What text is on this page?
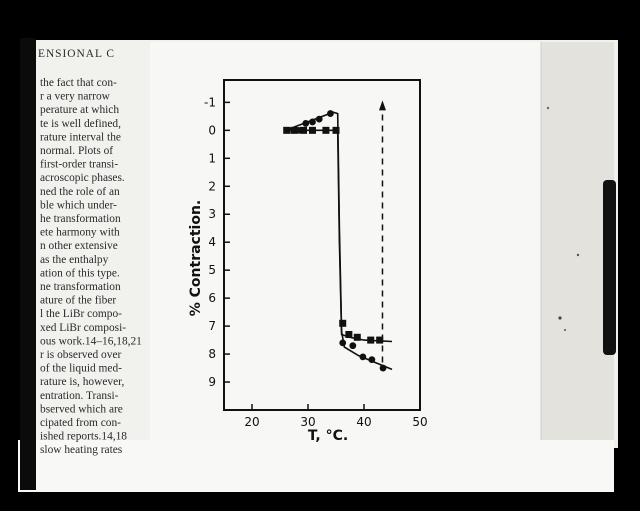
ENSIONAL C
the fact that con-
r a very narrow
perature at which
te is well defined,
rature interval the
normal. Plots of
first-order transi-
acroscopic phases.
ned the role of an
ble which under-
he transformation
ete harmony with
n other extensive
as the enthalpy
ation of this type.
ne transformation
ature of the fiber
l the LiBr compo-
xed LiBr composi-
ous work.14–16,18,21
r is observed over
of the liquid med-
rature is, however,
entration. Transi-
bserved which are
cipated from con-
ished reports.14,18
slow heating rates
-1
0
1
2
3
4
5
6
7
8
9
20	30	40	50
% Contraction.
T, °C.
